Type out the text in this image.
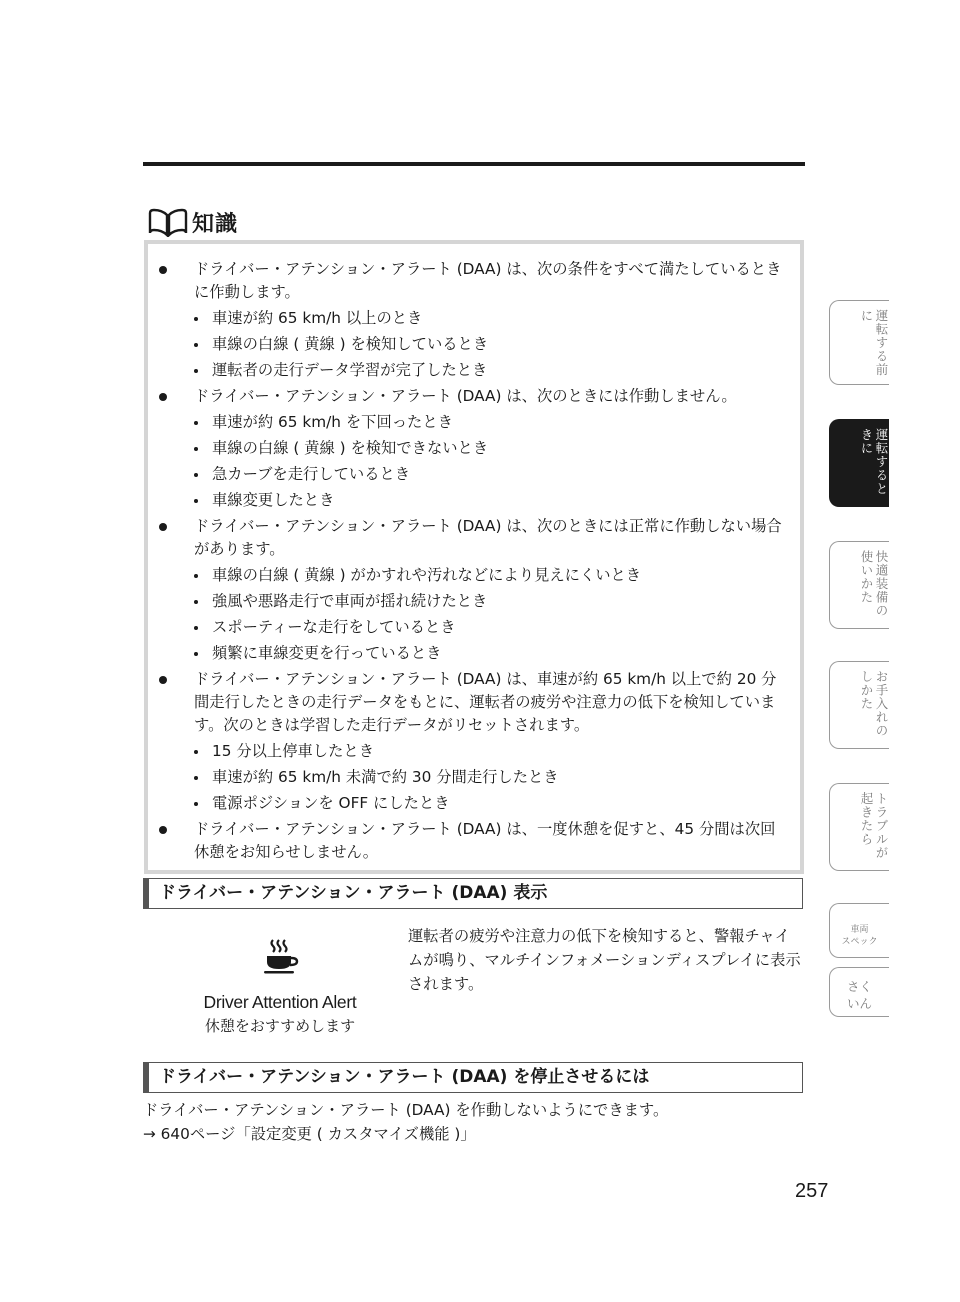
知識
ドライバー・アテンション・アラート (DAA) は、次の条件をすべて満たしているときに作動します。
車速が約 65 km/h 以上のとき
車線の白線 ( 黄線 ) を検知しているとき
運転者の走行データ学習が完了したとき
ドライバー・アテンション・アラート (DAA) は、次のときには作動しません。
車速が約 65 km/h を下回ったとき
車線の白線 ( 黄線 ) を検知できないとき
急カーブを走行しているとき
車線変更したとき
ドライバー・アテンション・アラート (DAA) は、次のときには正常に作動しない場合があります。
車線の白線 ( 黄線 ) がかすれや汚れなどにより見えにくいとき
強風や悪路走行で車両が揺れ続けたとき
スポーティーな走行をしているとき
頻繁に車線変更を行っているとき
ドライバー・アテンション・アラート (DAA) は、車速が約 65 km/h 以上で約 20 分間走行したときの走行データをもとに、運転者の疲労や注意力の低下を検知しています。次のときは学習した走行データがリセットされます。
15 分以上停車したとき
車速が約 65 km/h 未満で約 30 分間走行したとき
電源ポジションを OFF にしたとき
ドライバー・アテンション・アラート (DAA) は、一度休憩を促すと、45 分間は次回休憩をお知らせしません。
ドライバー・アテンション・アラート (DAA) 表示
Driver Attention Alert
休憩をおすすめします
運転者の疲労や注意力の低下を検知すると、警報チャイムが鳴り、マルチインフォメーションディスプレイに表示されます。
ドライバー・アテンション・アラート (DAA) を停止させるには
ドライバー・アテンション・アラート (DAA) を作動しないようにできます。
→ 640ページ「設定変更 ( カスタマイズ機能 )」
257
運転する前に
運転するときに
快適装備の使いかた
お手入れのしかた
トラブルが起きたら
車両
スペック
さく
いん
